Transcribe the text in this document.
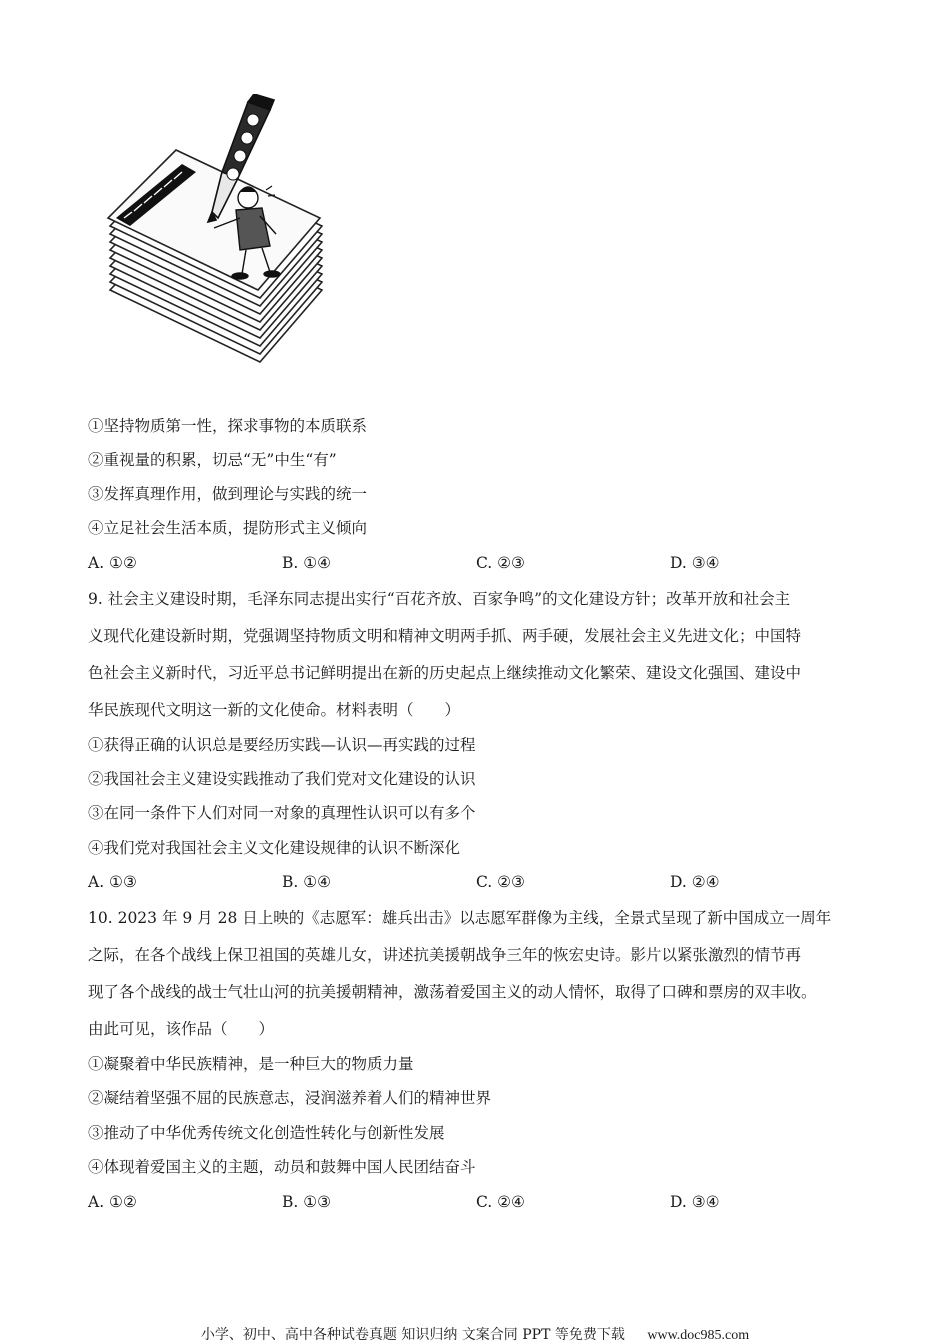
①坚持物质第一性，探求事物的本质联系
②重视量的积累，切忌“无”中生“有”
③发挥真理作用，做到理论与实践的统一
④立足社会生活本质，提防形式主义倾向
A. ①②	B. ①④	C. ②③	D. ③④
9. 社会主义建设时期，毛泽东同志提出实行“百花齐放、百家争鸣”的文化建设方针；改革开放和社会主
义现代化建设新时期，党强调坚持物质文明和精神文明两手抓、两手硬，发展社会主义先进文化；中国特
色社会主义新时代，习近平总书记鲜明提出在新的历史起点上继续推动文化繁荣、建设文化强国、建设中
华民族现代文明这一新的文化使命。材料表明（　　）
①获得正确的认识总是要经历实践—认识—再实践的过程
②我国社会主义建设实践推动了我们党对文化建设的认识
③在同一条件下人们对同一对象的真理性认识可以有多个
④我们党对我国社会主义文化建设规律的认识不断深化
A. ①③	B. ①④	C. ②③	D. ②④
10. 2023 年 9 月 28 日上映的《志愿军：雄兵出击》以志愿军群像为主线，全景式呈现了新中国成立一周年
之际，在各个战线上保卫祖国的英雄儿女，讲述抗美援朝战争三年的恢宏史诗。影片以紧张激烈的情节再
现了各个战线的战士气壮山河的抗美援朝精神，激荡着爱国主义的动人情怀，取得了口碑和票房的双丰收。
由此可见，该作品（　　）
①凝聚着中华民族精神，是一种巨大的物质力量
②凝结着坚强不屈的民族意志，浸润滋养着人们的精神世界
③推动了中华优秀传统文化创造性转化与创新性发展
④体现着爱国主义的主题，动员和鼓舞中国人民团结奋斗
A. ①②	B. ①③	C. ②④	D. ③④
小学、初中、高中各种试卷真题 知识归纳 文案合同 PPT 等免费下载 www.doc985.com
